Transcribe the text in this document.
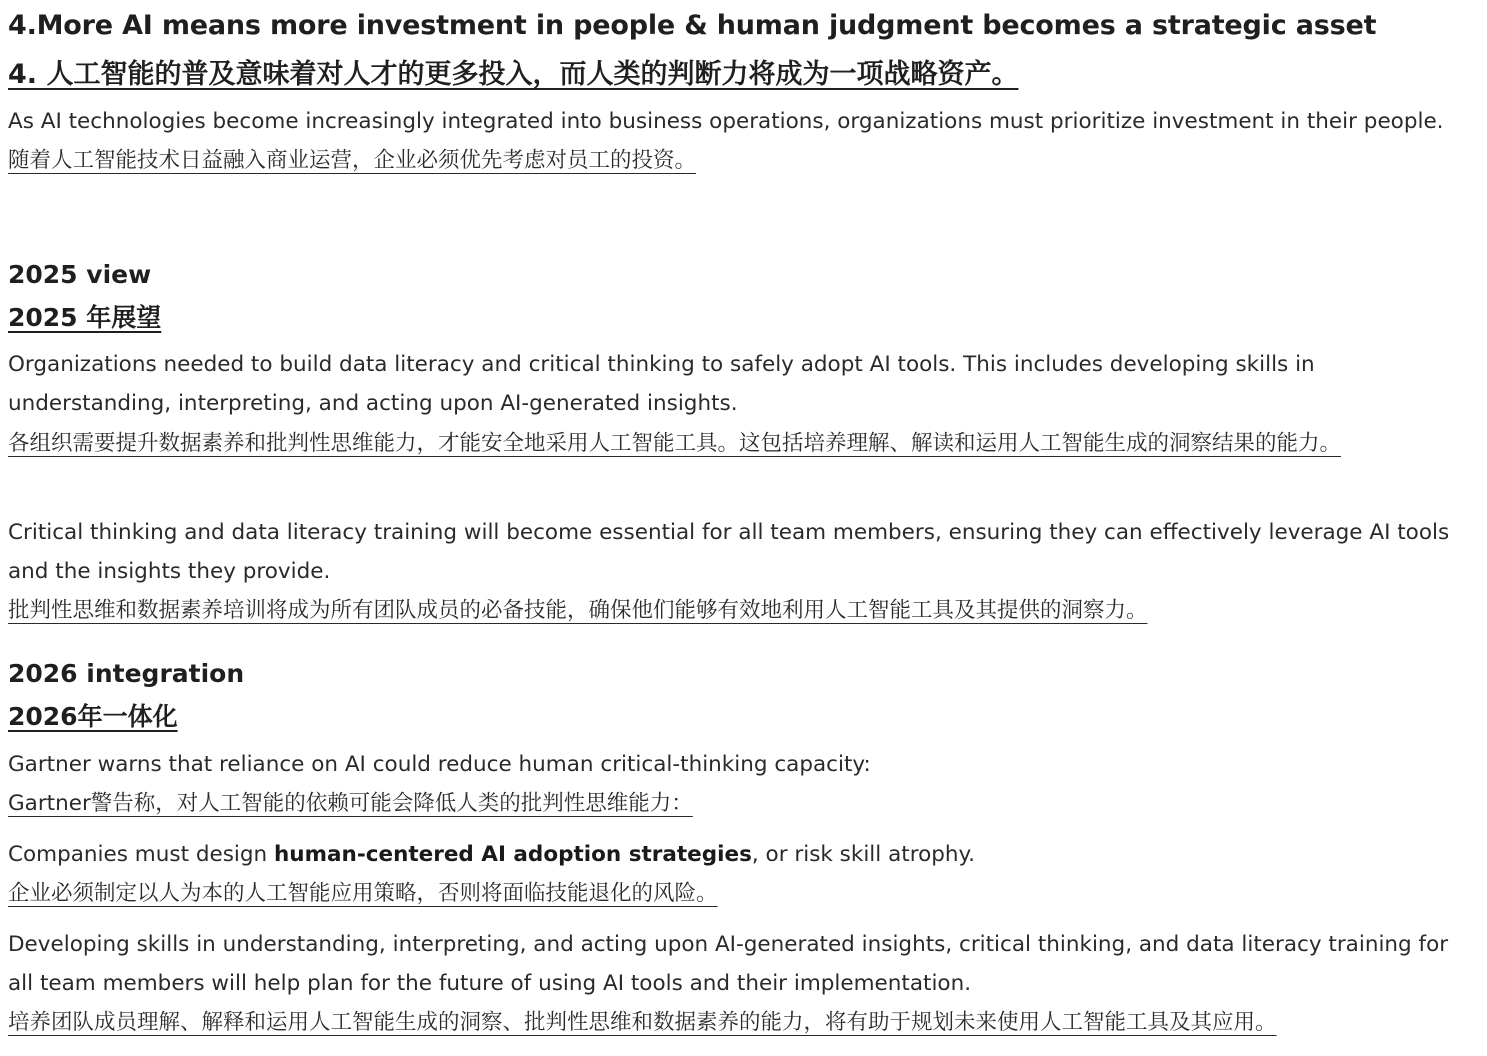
4.More AI means more investment in people & human judgment becomes a strategic asset
4. 人工智能的普及意味着对人才的更多投入，而人类的判断力将成为一项战略资产。

As AI technologies become increasingly integrated into business operations, organizations must prioritize investment in their people.

随着人工智能技术日益融入商业运营，企业必须优先考虑对员工的投资。

2025 view
2025 年展望

Organizations needed to build data literacy and critical thinking to safely adopt AI tools. This includes developing skills in understanding, interpreting, and acting upon AI-generated insights.

各组织需要提升数据素养和批判性思维能力，才能安全地采用人工智能工具。这包括培养理解、解读和运用人工智能生成的洞察结果的能力。

Critical thinking and data literacy training will become essential for all team members, ensuring they can effectively leverage AI tools and the insights they provide.

批判性思维和数据素养培训将成为所有团队成员的必备技能，确保他们能够有效地利用人工智能工具及其提供的洞察力。

2026 integration
2026年一体化

Gartner warns that reliance on AI could reduce human critical-thinking capacity:

Gartner警告称，对人工智能的依赖可能会降低人类的批判性思维能力：

Companies must design human-centered AI adoption strategies, or risk skill atrophy.

企业必须制定以人为本的人工智能应用策略，否则将面临技能退化的风险。

Developing skills in understanding, interpreting, and acting upon AI-generated insights, critical thinking, and data literacy training for all team members will help plan for the future of using AI tools and their implementation.

培养团队成员理解、解释和运用人工智能生成的洞察、批判性思维和数据素养的能力，将有助于规划未来使用人工智能工具及其应用。
